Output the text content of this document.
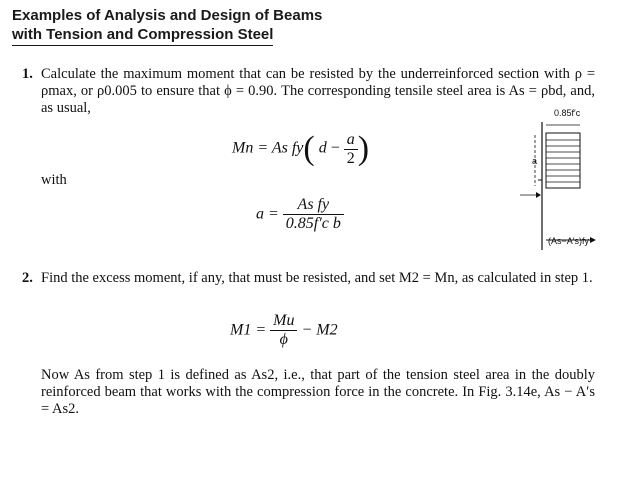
Examples of Analysis and Design of Beams
with Tension and Compression Steel
1. Calculate the maximum moment that can be resisted by the underreinforced section with ρ = ρmax, or ρ0.005 to ensure that ϕ = 0.90. The corresponding tensile steel area is As = ρbd, and, as usual,
Mn = As fy( $d - \frac{a}{2}$ )
with
$a = \frac{\text{As fy}}{\text{0.85f′c b}}$
0.85f′c
a
(As−A′s)fy
2. Find the excess moment, if any, that must be resisted, and set M2 = Mn, as calculated in step 1.
$M1 = \frac{Mu}{\phi} - M2$
Now As from step 1 is defined as As2, i.e., that part of the tension steel area in the doubly reinforced beam that works with the compression force in the concrete. In Fig. 3.14e, As − A′s = As2.
